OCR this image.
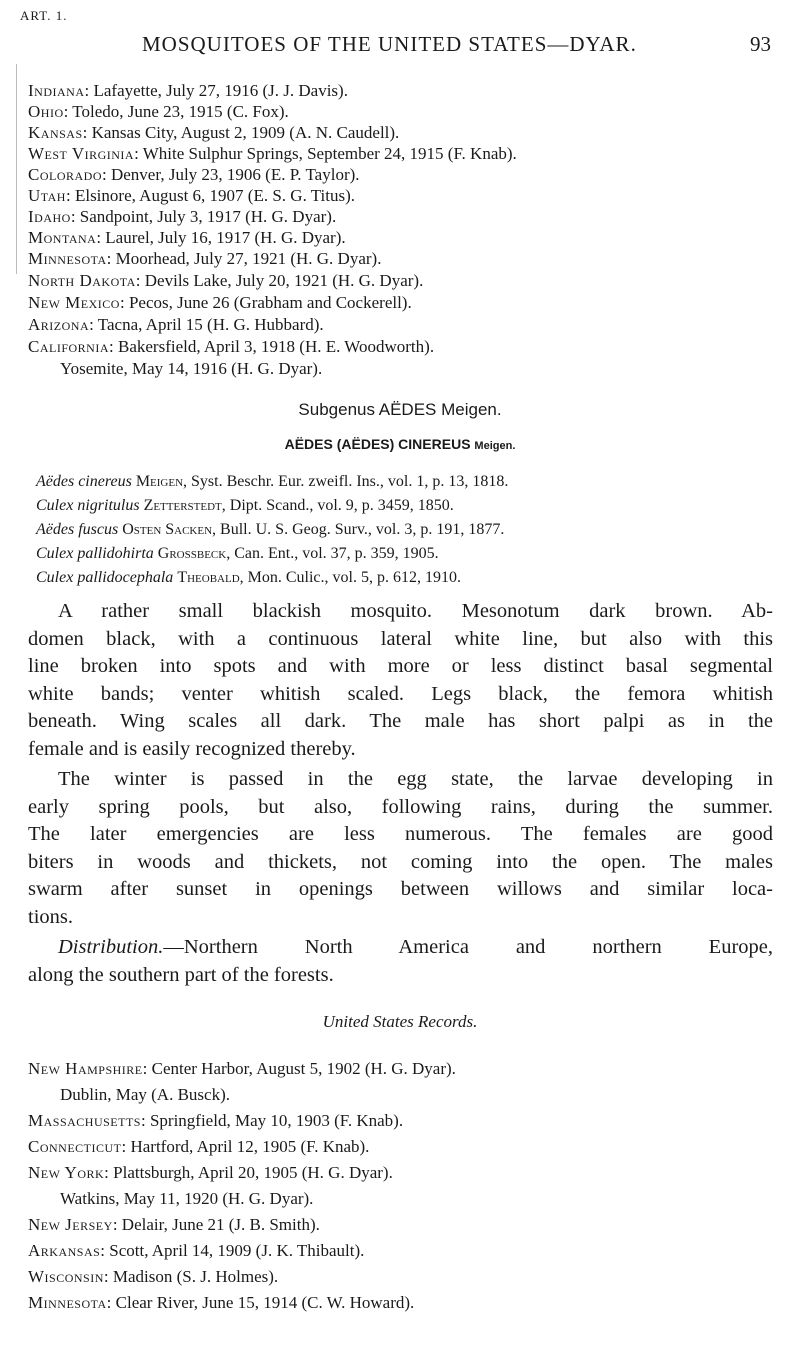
ART. 1.
MOSQUITOES OF THE UNITED STATES—DYAR.	93
Indiana: Lafayette, July 27, 1916 (J. J. Davis).
Ohio: Toledo, June 23, 1915 (C. Fox).
Kansas: Kansas City, August 2, 1909 (A. N. Caudell).
West Virginia: White Sulphur Springs, September 24, 1915 (F. Knab).
Colorado: Denver, July 23, 1906 (E. P. Taylor).
Utah: Elsinore, August 6, 1907 (E. S. G. Titus).
Idaho: Sandpoint, July 3, 1917 (H. G. Dyar).
Montana: Laurel, July 16, 1917 (H. G. Dyar).
Minnesota: Moorhead, July 27, 1921 (H. G. Dyar).
North Dakota: Devils Lake, July 20, 1921 (H. G. Dyar).
New Mexico: Pecos, June 26 (Grabham and Cockerell).
Arizona: Tacna, April 15 (H. G. Hubbard).
California: Bakersfield, April 3, 1918 (H. E. Woodworth).
Yosemite, May 14, 1916 (H. G. Dyar).
Subgenus AËDES Meigen.
AËDES (AËDES) CINEREUS Meigen.
Aëdes cinereus Meigen, Syst. Beschr. Eur. zweifl. Ins., vol. 1, p. 13, 1818.
Culex nigritulus Zetterstedt, Dipt. Scand., vol. 9, p. 3459, 1850.
Aëdes fuscus Osten Sacken, Bull. U. S. Geog. Surv., vol. 3, p. 191, 1877.
Culex pallidohirta Grossbeck, Can. Ent., vol. 37, p. 359, 1905.
Culex pallidocephala Theobald, Mon. Culic., vol. 5, p. 612, 1910.
A rather small blackish mosquito. Mesonotum dark brown. Ab-
domen black, with a continuous lateral white line, but also with this
line broken into spots and with more or less distinct basal segmental
white bands; venter whitish scaled. Legs black, the femora whitish
beneath. Wing scales all dark. The male has short palpi as in the
female and is easily recognized thereby.
The winter is passed in the egg state, the larvae developing in
early spring pools, but also, following rains, during the summer.
The later emergencies are less numerous. The females are good
biters in woods and thickets, not coming into the open. The males
swarm after sunset in openings between willows and similar loca-
tions.
Distribution.—Northern North America and northern Europe,
along the southern part of the forests.
United States Records.
New Hampshire: Center Harbor, August 5, 1902 (H. G. Dyar).
Dublin, May (A. Busck).
Massachusetts: Springfield, May 10, 1903 (F. Knab).
Connecticut: Hartford, April 12, 1905 (F. Knab).
New York: Plattsburgh, April 20, 1905 (H. G. Dyar).
Watkins, May 11, 1920 (H. G. Dyar).
New Jersey: Delair, June 21 (J. B. Smith).
Arkansas: Scott, April 14, 1909 (J. K. Thibault).
Wisconsin: Madison (S. J. Holmes).
Minnesota: Clear River, June 15, 1914 (C. W. Howard).
